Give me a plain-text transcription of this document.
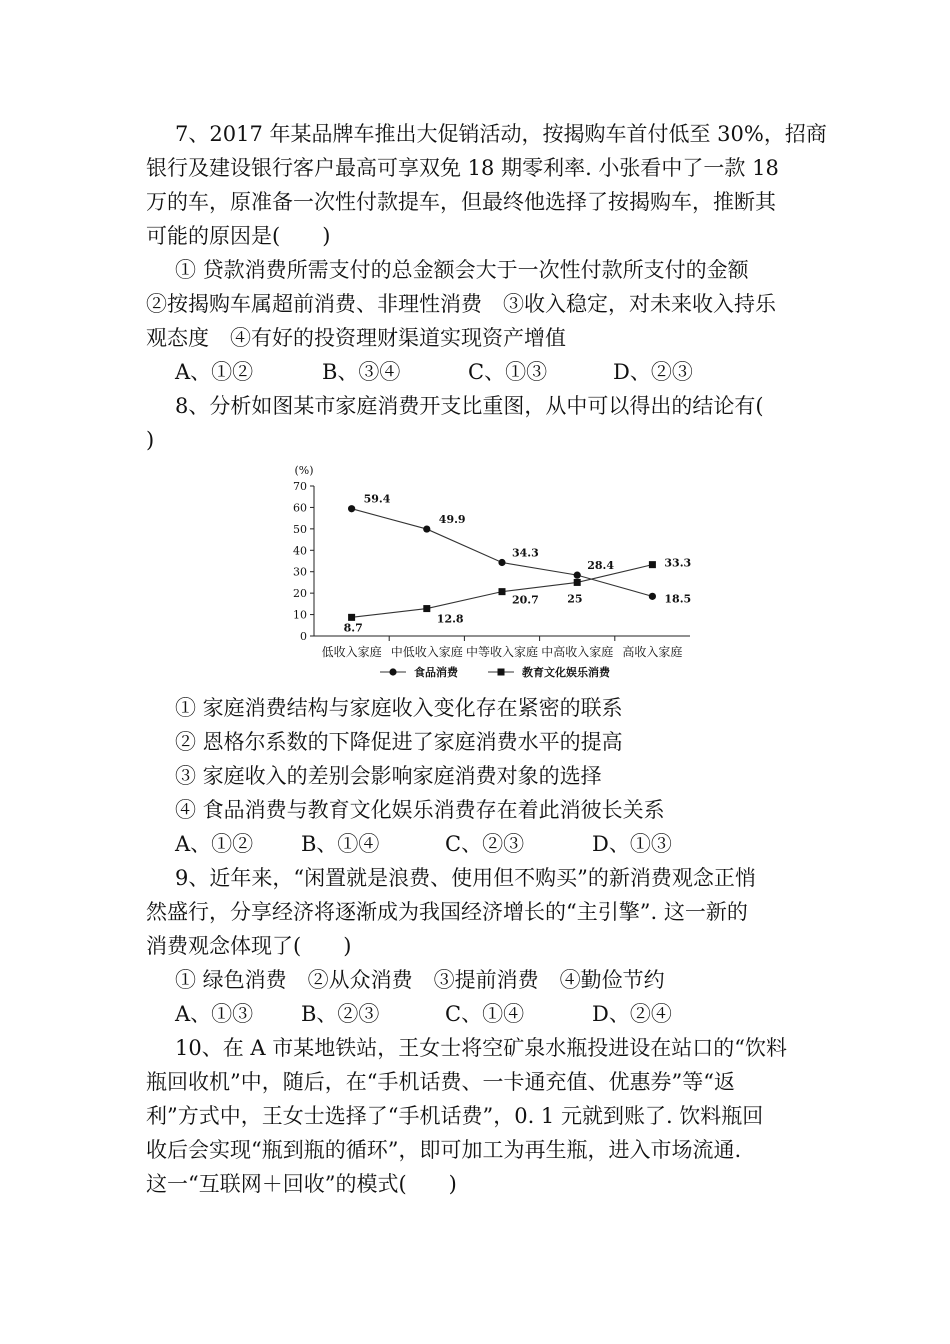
7、2017 年某品牌车推出大促销活动，按揭购车首付低至 30%，招商
银行及建设银行客户最高可享双免 18 期零利率. 小张看中了一款 18
万的车，原准备一次性付款提车，但最终他选择了按揭购车，推断其
可能的原因是(　　)
① 贷款消费所需支付的总金额会大于一次性付款所支付的金额
②按揭购车属超前消费、非理性消费　③收入稳定，对未来收入持乐
观态度　④有好的投资理财渠道实现资产增值
A、①②	B、③④	C、①③	D、②③
8、分析如图某市家庭消费开支比重图，从中可以得出的结论有(
)
(%)
0
10
20
30
40
50
60
70
低收入家庭 中低收入家庭 中等收入家庭 中高收入家庭 高收入家庭
59.4
49.9
34.3
28.4
18.5
8.7
12.8
20.7	25
33.3
食品消费	教育文化娱乐消费
① 家庭消费结构与家庭收入变化存在紧密的联系
② 恩格尔系数的下降促进了家庭消费水平的提高
③ 家庭收入的差别会影响家庭消费对象的选择
④ 食品消费与教育文化娱乐消费存在着此消彼长关系
A、①② B、①④	C、②③	D、①③
9、近年来，“闲置就是浪费、使用但不购买”的新消费观念正悄
然盛行，分享经济将逐渐成为我国经济增长的“主引擎”. 这一新的
消费观念体现了(　　)
① 绿色消费　②从众消费　③提前消费　④勤俭节约
A、①③ B、②③	C、①④	D、②④
10、在 A 市某地铁站，王女士将空矿泉水瓶投进设在站口的“饮料
瓶回收机”中，随后，在“手机话费、一卡通充值、优惠券”等“返
利”方式中，王女士选择了“手机话费”，0. 1 元就到账了. 饮料瓶回
收后会实现“瓶到瓶的循环”，即可加工为再生瓶，进入市场流通.
这一“互联网＋回收”的模式(　　)
